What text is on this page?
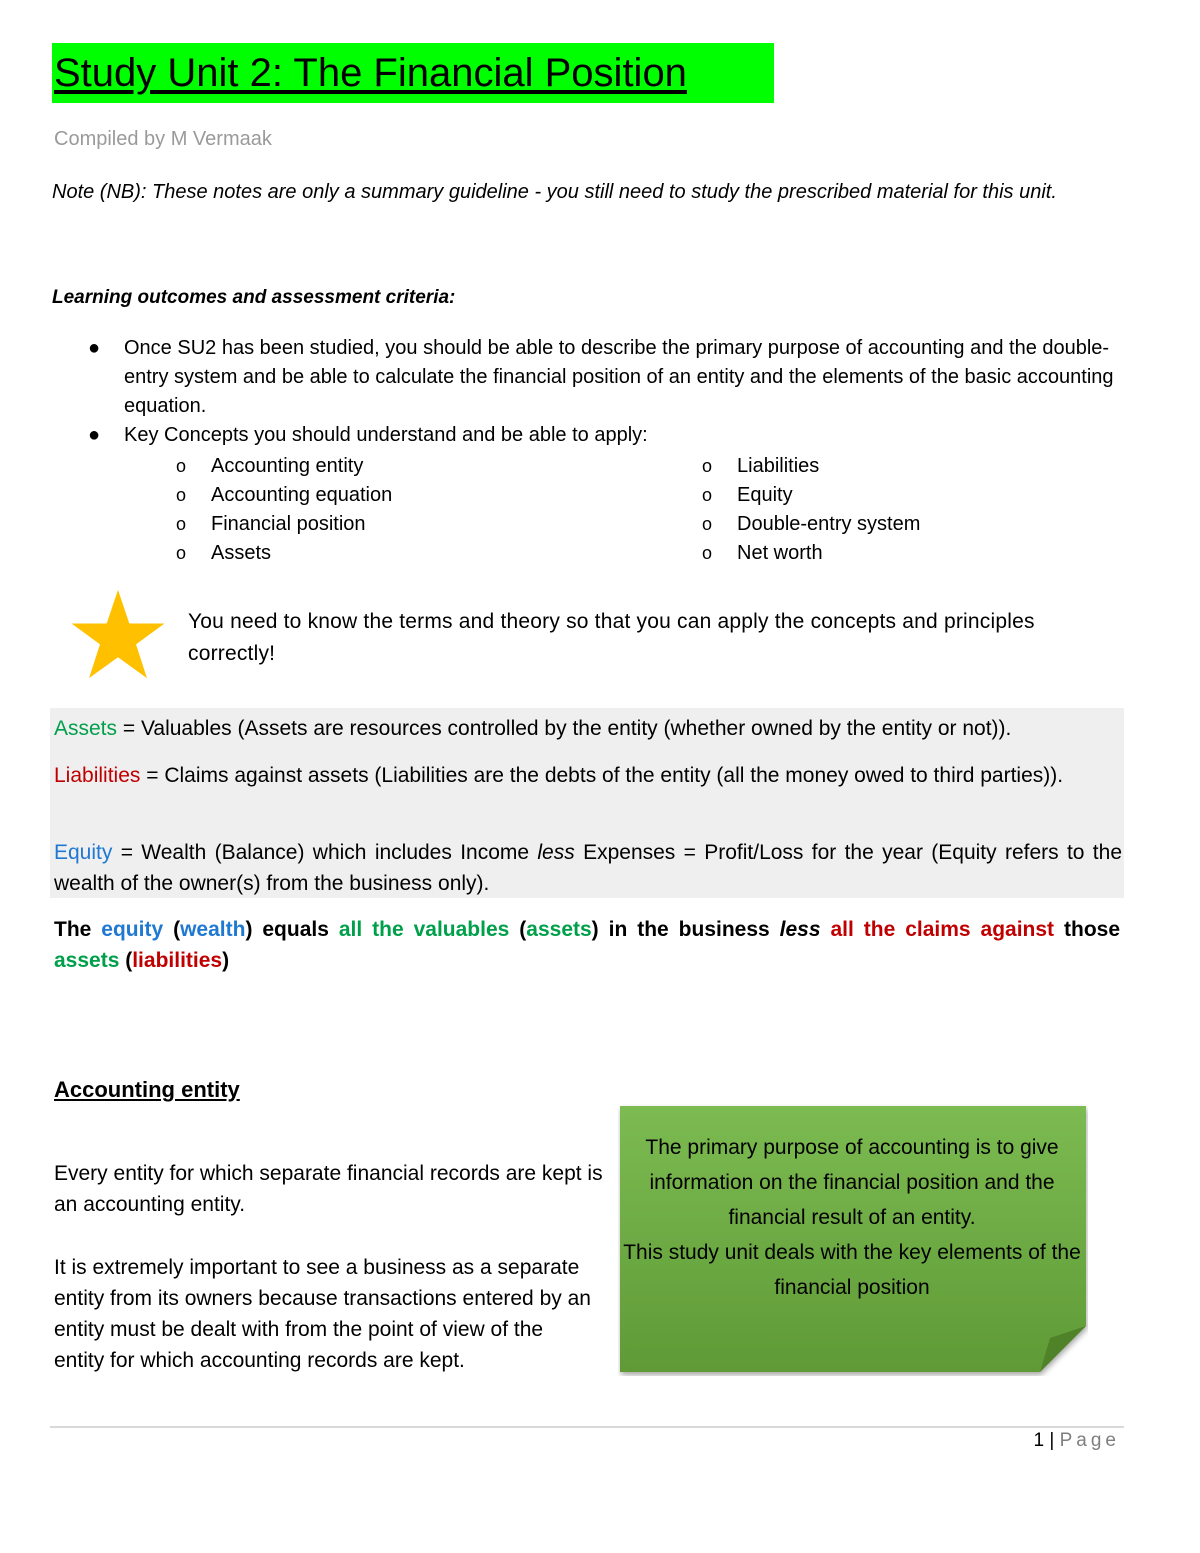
Study Unit 2: The Financial Position
Compiled by M Vermaak
Note (NB): These notes are only a summary guideline - you still need to study the prescribed material for this unit.
Learning outcomes and assessment criteria:
● Once SU2 has been studied, you should be able to describe the primary purpose of accounting and the double-entry system and be able to calculate the financial position of an entity and the elements of the basic accounting equation.
● Key Concepts you should understand and be able to apply:
o Accounting entity
o Accounting equation
o Financial position
o Assets
o Liabilities
o Equity
o Double-entry system
o Net worth
You need to know the terms and theory so that you can apply the concepts and principles correctly!
Assets = Valuables (Assets are resources controlled by the entity (whether owned by the entity or not)).
Liabilities = Claims against assets (Liabilities are the debts of the entity (all the money owed to third parties)).
Equity = Wealth (Balance) which includes Income less Expenses = Profit/Loss for the year (Equity refers to the wealth of the owner(s) from the business only).
The equity (wealth) equals all the valuables (assets) in the business less all the claims against those assets (liabilities)
Accounting entity
Every entity for which separate financial records are kept is an accounting entity.
It is extremely important to see a business as a separate entity from its owners because transactions entered by an entity must be dealt with from the point of view of the entity for which accounting records are kept.
The primary purpose of accounting is to give information on the financial position and the financial result of an entity.
This study unit deals with the key elements of the financial position
1 | Page
